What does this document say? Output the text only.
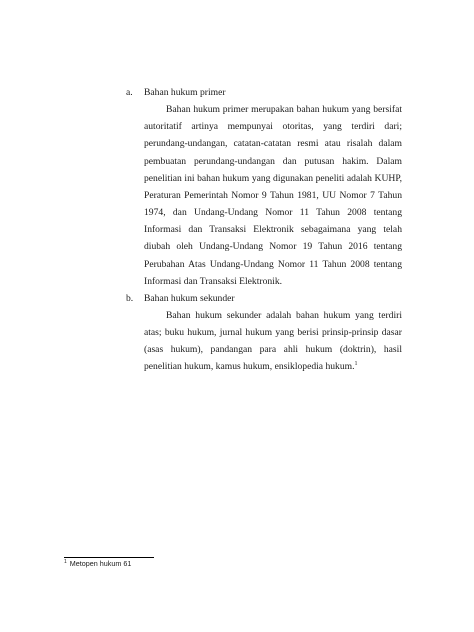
a.	Bahan hukum primer

Bahan hukum primer merupakan bahan hukum yang bersifat autoritatif artinya mempunyai otoritas, yang terdiri dari; perundang-undangan, catatan-catatan resmi atau risalah dalam pembuatan perundang-undangan dan putusan hakim. Dalam penelitian ini bahan hukum yang digunakan peneliti adalah KUHP, Peraturan Pemerintah Nomor 9 Tahun 1981, UU Nomor 7 Tahun 1974, dan Undang-Undang Nomor 11 Tahun 2008 tentang Informasi dan Transaksi Elektronik sebagaimana yang telah diubah oleh Undang-Undang Nomor 19 Tahun 2016 tentang Perubahan Atas Undang-Undang Nomor 11 Tahun 2008 tentang Informasi dan Transaksi Elektronik.

b.	Bahan hukum sekunder

Bahan hukum sekunder adalah bahan hukum yang terdiri atas; buku hukum, jurnal hukum yang berisi prinsip-prinsip dasar (asas hukum), pandangan para ahli hukum (doktrin), hasil penelitian hukum, kamus hukum, ensiklopedia hukum.$^1$

$^1$ Metopen hukum 61
